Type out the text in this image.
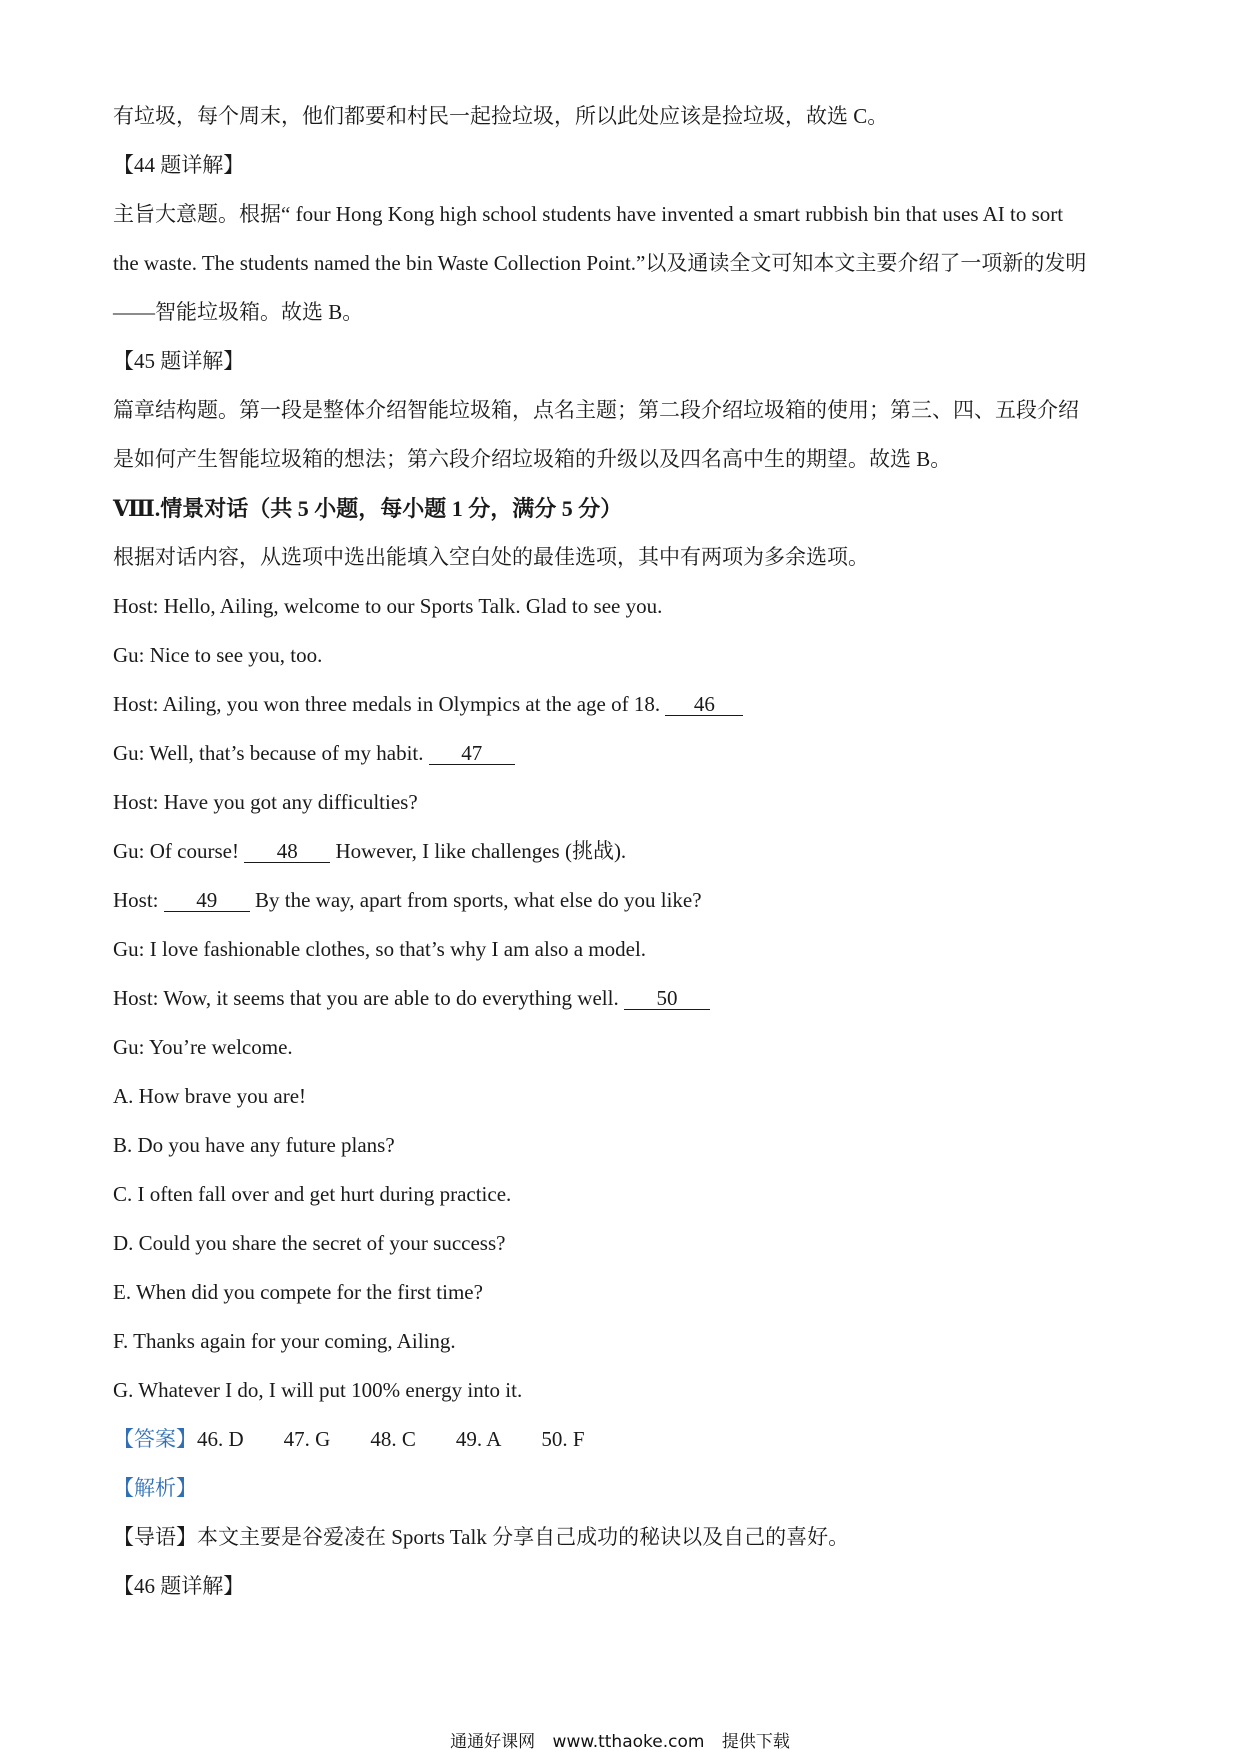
有垃圾，每个周末，他们都要和村民一起捡垃圾，所以此处应该是捡垃圾，故选 C。
【44 题详解】
主旨大意题。根据“ four Hong Kong high school students have invented a smart rubbish bin that uses AI to sort
the waste. The students named the bin Waste Collection Point.”以及通读全文可知本文主要介绍了一项新的发明
——智能垃圾箱。故选 B。
【45 题详解】
篇章结构题。第一段是整体介绍智能垃圾箱，点名主题；第二段介绍垃圾箱的使用；第三、四、五段介绍
是如何产生智能垃圾箱的想法；第六段介绍垃圾箱的升级以及四名高中生的期望。故选 B。
Ⅷ.情景对话（共 5 小题，每小题 1 分，满分 5 分）
根据对话内容，从选项中选出能填入空白处的最佳选项，其中有两项为多余选项。
Host: Hello, Ailing, welcome to our Sports Talk. Glad to see you.
Gu: Nice to see you, too.
Host: Ailing, you won three medals in Olympics at the age of 18. 46
Gu: Well, that’s because of my habit. 47
Host: Have you got any difficulties?
Gu: Of course! 48 However, I like challenges (挑战).
Host: 49 By the way, apart from sports, what else do you like?
Gu: I love fashionable clothes, so that’s why I am also a model.
Host: Wow, it seems that you are able to do everything well. 50
Gu: You’re welcome.
A. How brave you are!
B. Do you have any future plans?
C. I often fall over and get hurt during practice.
D. Could you share the secret of your success?
E. When did you compete for the first time?
F. Thanks again for your coming, Ailing.
G. Whatever I do, I will put 100% energy into it.
【答案】46. D 47. G 48. C 49. A 50. F
【解析】
【导语】本文主要是谷爱凌在 Sports Talk 分享自己成功的秘诀以及自己的喜好。
【46 题详解】
通通好课网 www.tthaoke.com 提供下载
